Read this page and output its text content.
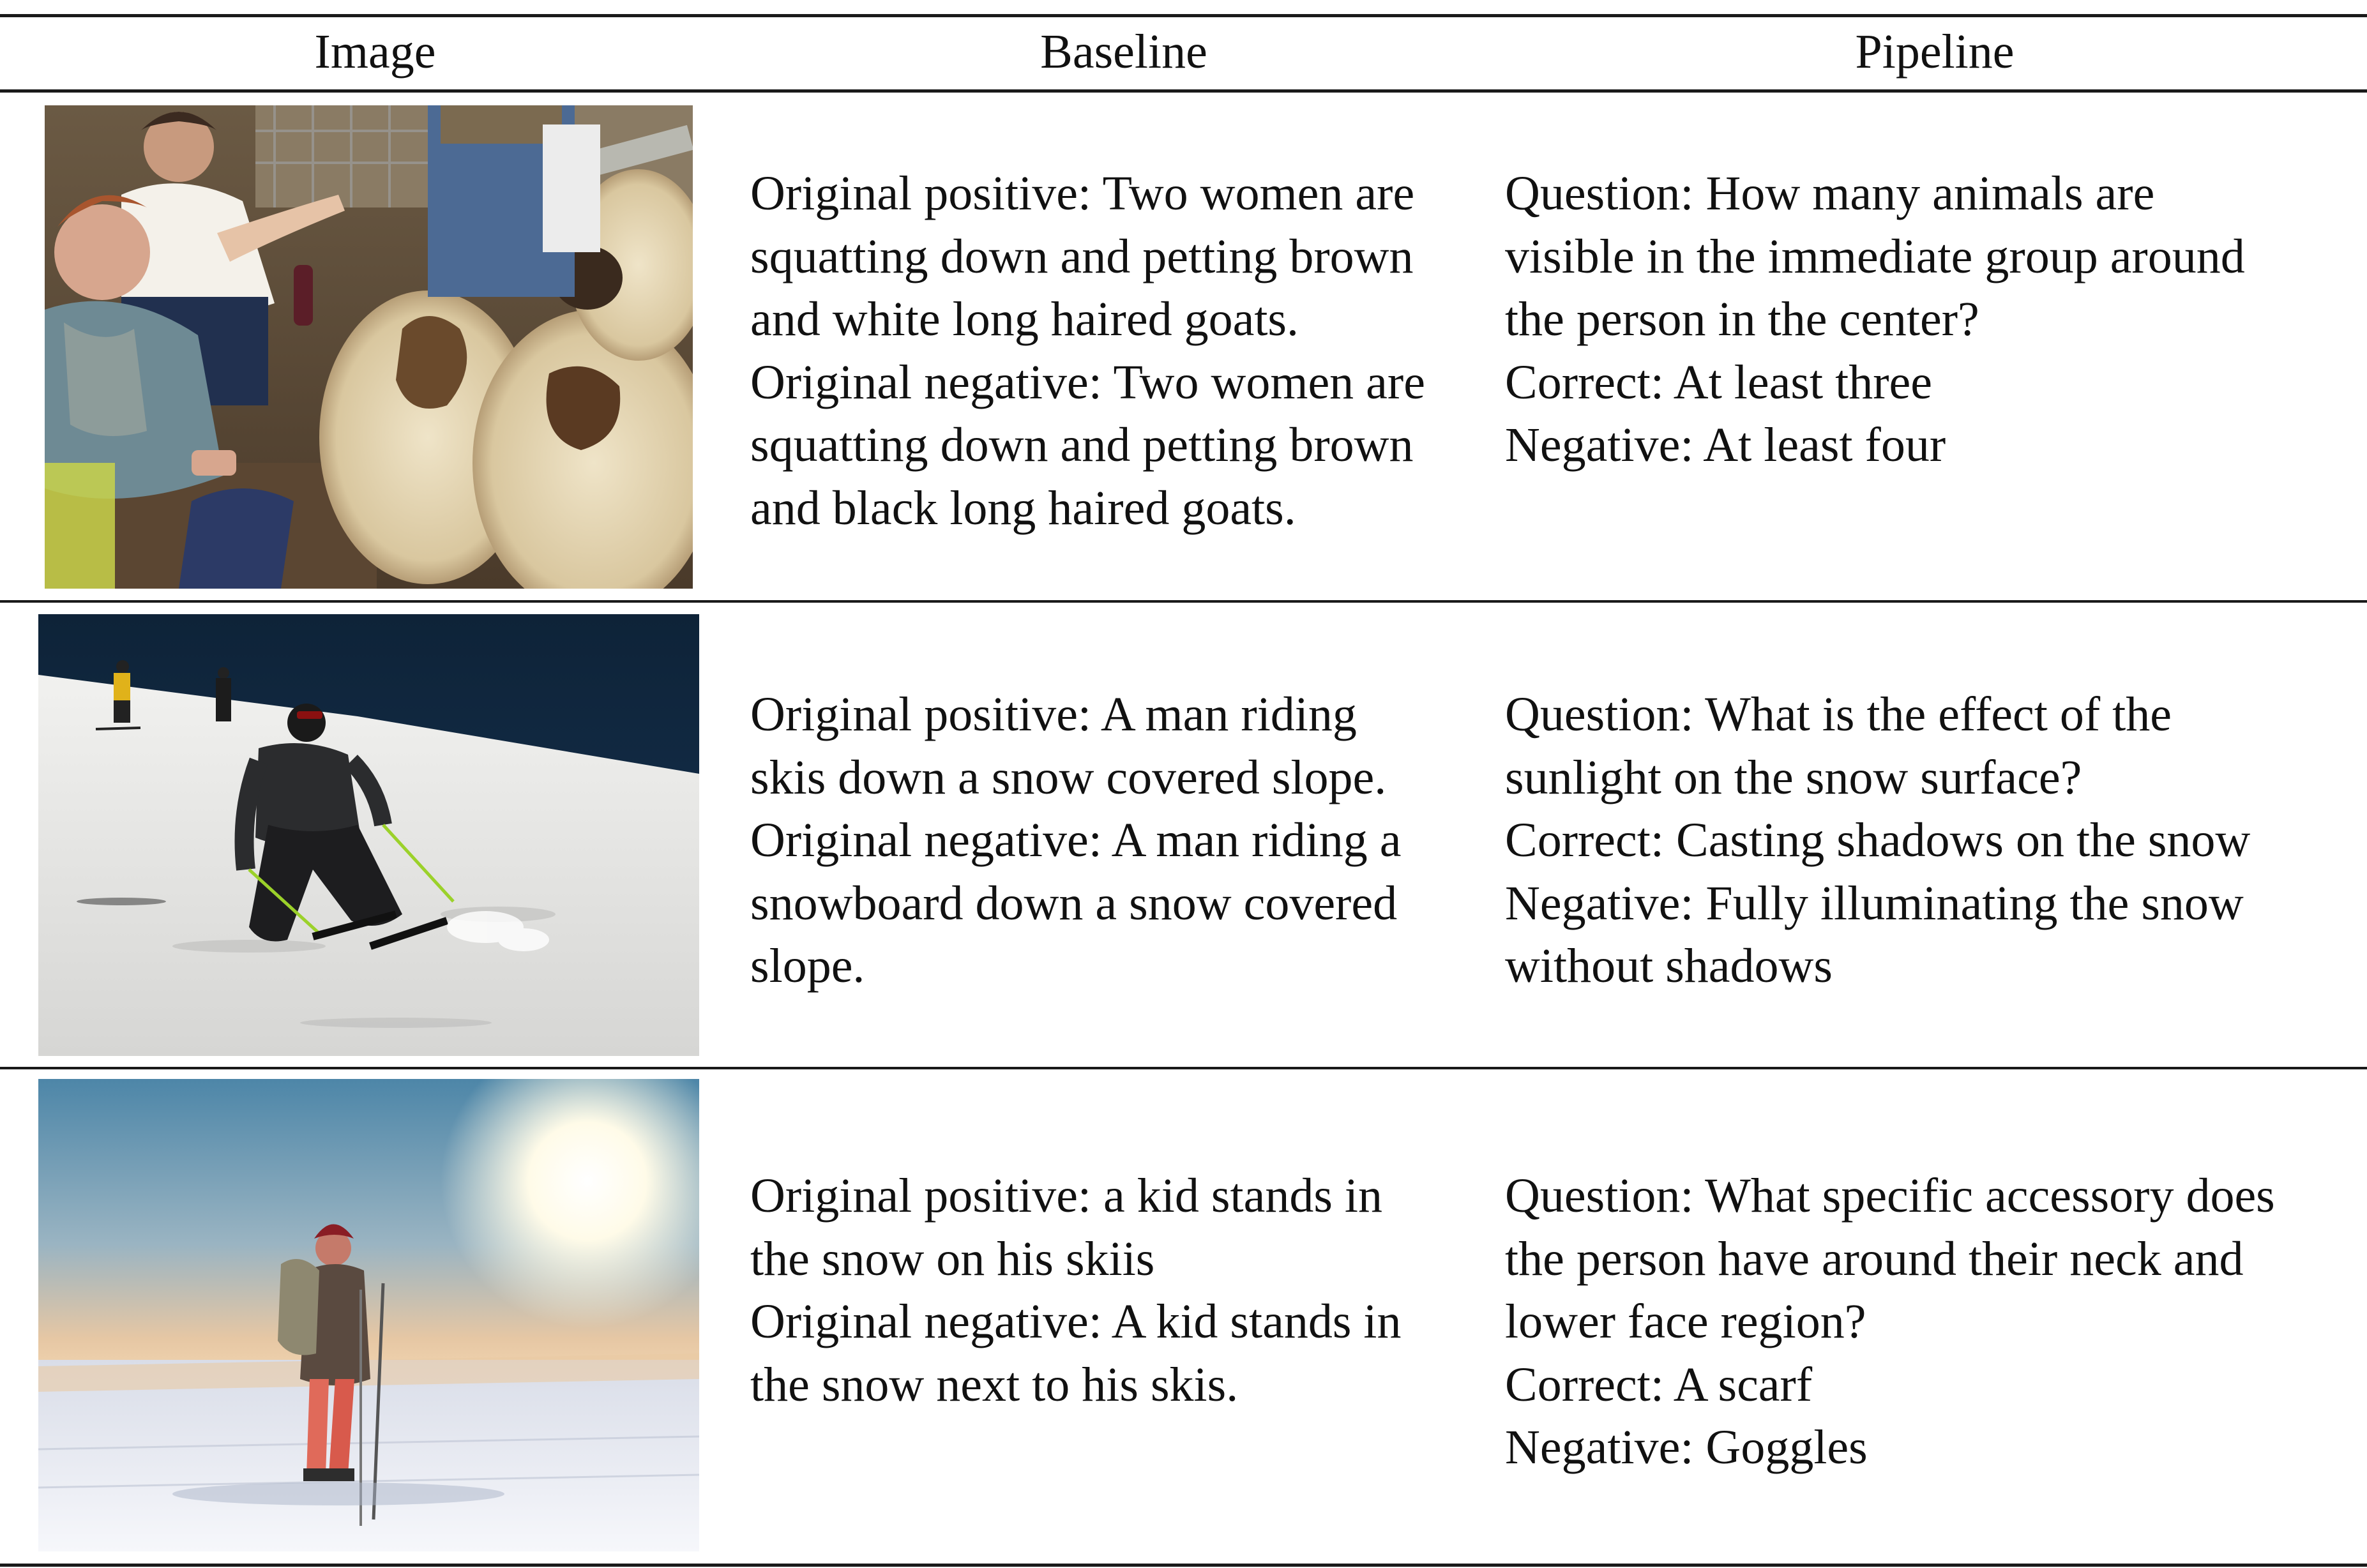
Image	Baseline	Pipeline
Original positive: Two women are
squatting down and petting brown
and white long haired goats.
Original negative: Two women are
squatting down and petting brown
and black long haired goats.
Question: How many animals are
visible in the immediate group around
the person in the center?
Correct: At least three
Negative: At least four
Original positive: A man riding
skis down a snow covered slope.
Original negative: A man riding a
snowboard down a snow covered
slope.
Question: What is the effect of the
sunlight on the snow surface?
Correct: Casting shadows on the snow
Negative: Fully illuminating the snow
without shadows
Original positive: a kid stands in
the snow on his skiis
Original negative: A kid stands in
the snow next to his skis.
Question: What specific accessory does
the person have around their neck and
lower face region?
Correct: A scarf
Negative: Goggles
